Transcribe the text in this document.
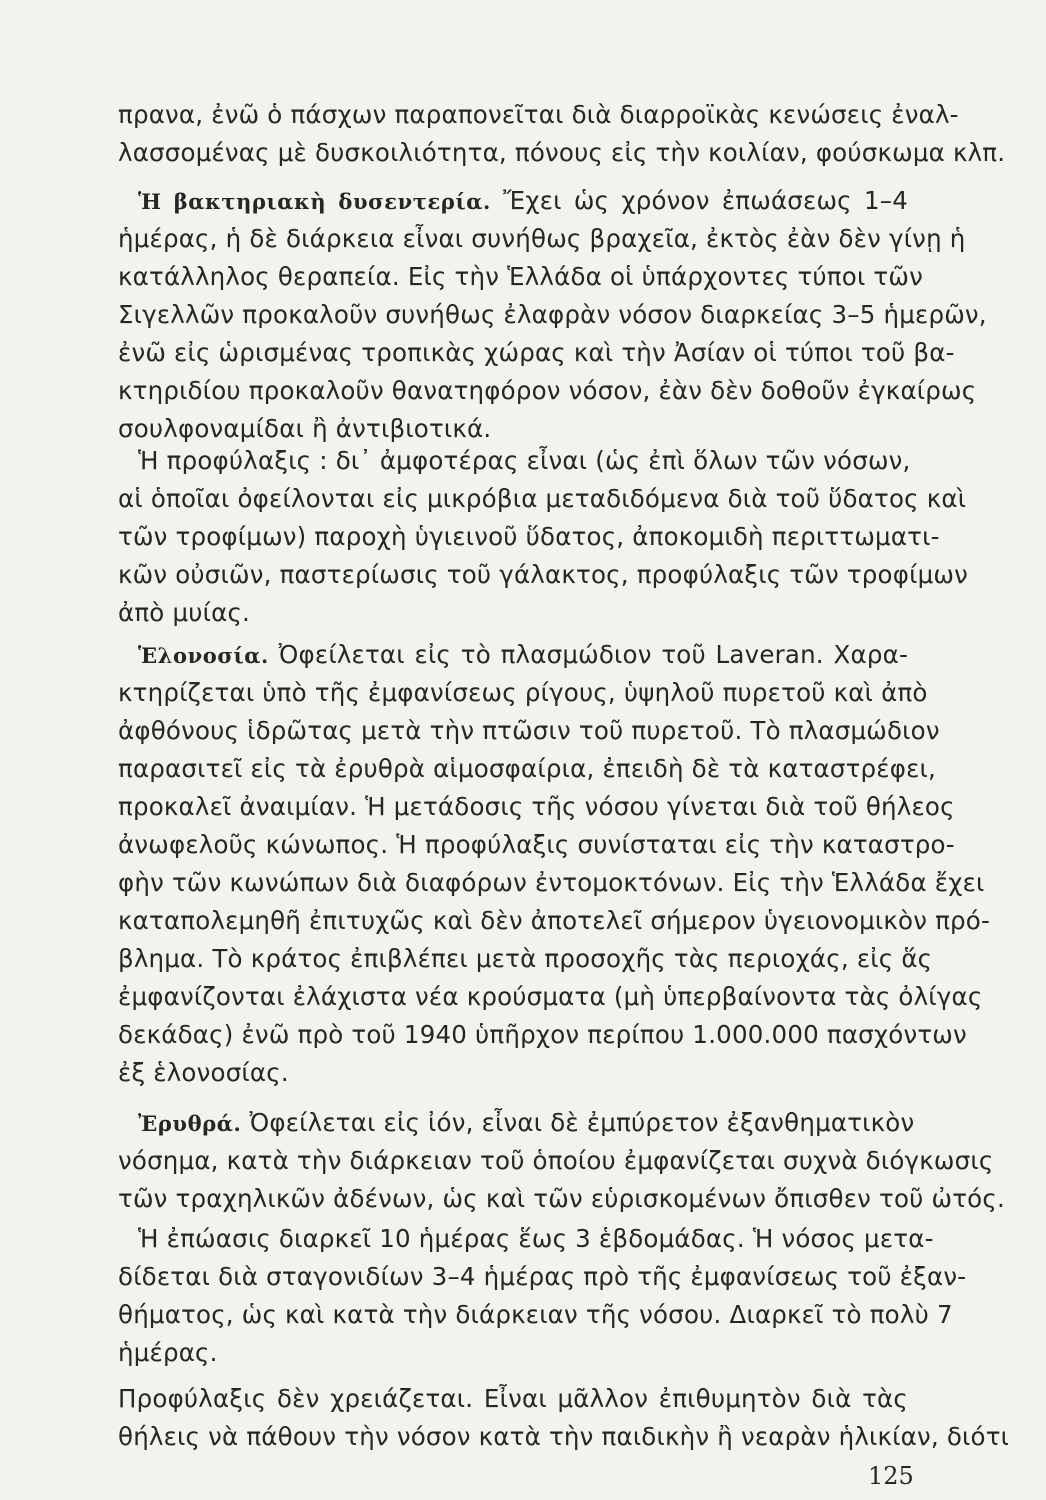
πρανα, ἐνῶ ὁ πάσχων παραπονεῖται διὰ διαρροϊκὰς κενώσεις ἐναλ-
λασσομένας μὲ δυσκοιλιότητα, πόνους εἰς τὴν κοιλίαν, φούσκωμα κλπ.
Ἡ βακτηριακὴ δυσεντερία. Ἔχει ὡς χρόνον ἐπωάσεως 1–4
ἡμέρας, ἡ δὲ διάρκεια εἶναι συνήθως βραχεῖα, ἐκτὸς ἐὰν δὲν γίνῃ ἡ
κατάλληλος θεραπεία. Εἰς τὴν Ἑλλάδα οἱ ὑπάρχοντες τύποι τῶν
Σιγελλῶν προκαλοῦν συνήθως ἐλαφρὰν νόσον διαρκείας 3–5 ἡμερῶν,
ἐνῶ εἰς ὡρισμένας τροπικὰς χώρας καὶ τὴν Ἀσίαν οἱ τύποι τοῦ βα-
κτηριδίου προκαλοῦν θανατηφόρον νόσον, ἐὰν δὲν δοθοῦν ἐγκαίρως
σουλφοναμίδαι ἢ ἀντιβιοτικά.
Ἡ προφύλαξις : δι᾽ ἀμφοτέρας εἶναι (ὡς ἐπὶ ὅλων τῶν νόσων,
αἱ ὁποῖαι ὀφείλονται εἰς μικρόβια μεταδιδόμενα διὰ τοῦ ὕδατος καὶ
τῶν τροφίμων) παροχὴ ὑγιεινοῦ ὕδατος, ἀποκομιδὴ περιττωματι-
κῶν οὐσιῶν, παστερίωσις τοῦ γάλακτος, προφύλαξις τῶν τροφίμων
ἀπὸ μυίας.
Ἑλονοσία. Ὀφείλεται εἰς τὸ πλασμώδιον τοῦ Laveran. Χαρα-
κτηρίζεται ὑπὸ τῆς ἐμφανίσεως ρίγους, ὑψηλοῦ πυρετοῦ καὶ ἀπὸ
ἀφθόνους ἱδρῶτας μετὰ τὴν πτῶσιν τοῦ πυρετοῦ. Τὸ πλασμώδιον
παρασιτεῖ εἰς τὰ ἐρυθρὰ αἱμοσφαίρια, ἐπειδὴ δὲ τὰ καταστρέφει,
προκαλεῖ ἀναιμίαν. Ἡ μετάδοσις τῆς νόσου γίνεται διὰ τοῦ θήλεος
ἀνωφελοῦς κώνωπος. Ἡ προφύλαξις συνίσταται εἰς τὴν καταστρο-
φὴν τῶν κωνώπων διὰ διαφόρων ἐντομοκτόνων. Εἰς τὴν Ἑλλάδα ἔχει
καταπολεμηθῆ ἐπιτυχῶς καὶ δὲν ἀποτελεῖ σήμερον ὑγειονομικὸν πρό-
βλημα. Τὸ κράτος ἐπιβλέπει μετὰ προσοχῆς τὰς περιοχάς, εἰς ἅς
ἐμφανίζονται ἐλάχιστα νέα κρούσματα (μὴ ὑπερβαίνοντα τὰς ὀλίγας
δεκάδας) ἐνῶ πρὸ τοῦ 1940 ὑπῆρχον περίπου 1.000.000 πασχόντων
ἐξ ἑλονοσίας.
Ἐρυθρά. Ὀφείλεται εἰς ἰόν, εἶναι δὲ ἐμπύρετον ἐξανθηματικὸν
νόσημα, κατὰ τὴν διάρκειαν τοῦ ὁποίου ἐμφανίζεται συχνὰ διόγκωσις
τῶν τραχηλικῶν ἀδένων, ὡς καὶ τῶν εὑρισκομένων ὄπισθεν τοῦ ὠτός.
Ἡ ἐπώασις διαρκεῖ 10 ἡμέρας ἕως 3 ἑβδομάδας. Ἡ νόσος μετα-
δίδεται διὰ σταγονιδίων 3–4 ἡμέρας πρὸ τῆς ἐμφανίσεως τοῦ ἐξαν-
θήματος, ὡς καὶ κατὰ τὴν διάρκειαν τῆς νόσου. Διαρκεῖ τὸ πολὺ 7
ἡμέρας.
Προφύλαξις δὲν χρειάζεται. Εἶναι μᾶλλον ἐπιθυμητὸν διὰ τὰς
θήλεις νὰ πάθουν τὴν νόσον κατὰ τὴν παιδικὴν ἢ νεαρὰν ἡλικίαν, διότι
125
